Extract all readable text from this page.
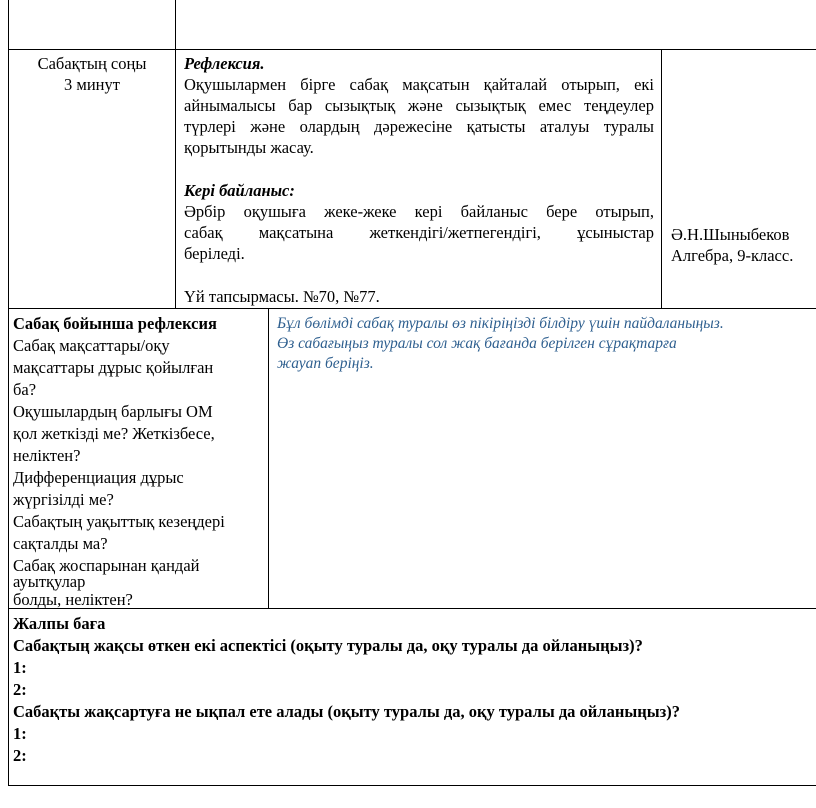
Сабақтың соңы
3 минут
Рефлексия.
Оқушылармен бірге сабақ мақсатын қайталай отырып, екі
айнымалысы бар сызықтық және сызықтық емес теңдеулер
түрлері және олардың дәрежесіне қатысты аталуы туралы
қорытынды жасау.
Кері байланыс:
Әрбір оқушыға жеке-жеке кері байланыс бере отырып,
сабақ мақсатына жеткендігі/жетпегендігі, ұсыныстар
беріледі.
Үй тапсырмасы. №70, №77.
Ә.Н.Шыныбеков
Алгебра, 9-класс.
Сабақ бойынша рефлексия
Сабақ мақсаттары/оқу
мақсаттары дұрыс қойылған
ба?
Оқушылардың барлығы ОМ
қол жеткізді ме? Жеткізбесе,
неліктен?
Дифференциация дұрыс
жүргізілді ме?
Сабақтың уақыттық кезеңдері
сақталды ма?
Сабақ жоспарынан қандай
ауытқулар
болды, неліктен?
Бұл бөлімді сабақ туралы өз пікіріңізді білдіру үшін пайдаланыңыз.
Өз сабағыңыз туралы сол жақ бағанда берілген сұрақтарға
жауап беріңіз.
Жалпы баға
Сабақтың жақсы өткен екі аспектісі (оқыту туралы да, оқу туралы да ойланыңыз)?
1:
2:
Сабақты жақсартуға не ықпал ете алады (оқыту туралы да, оқу туралы да ойланыңыз)?
1:
2:
